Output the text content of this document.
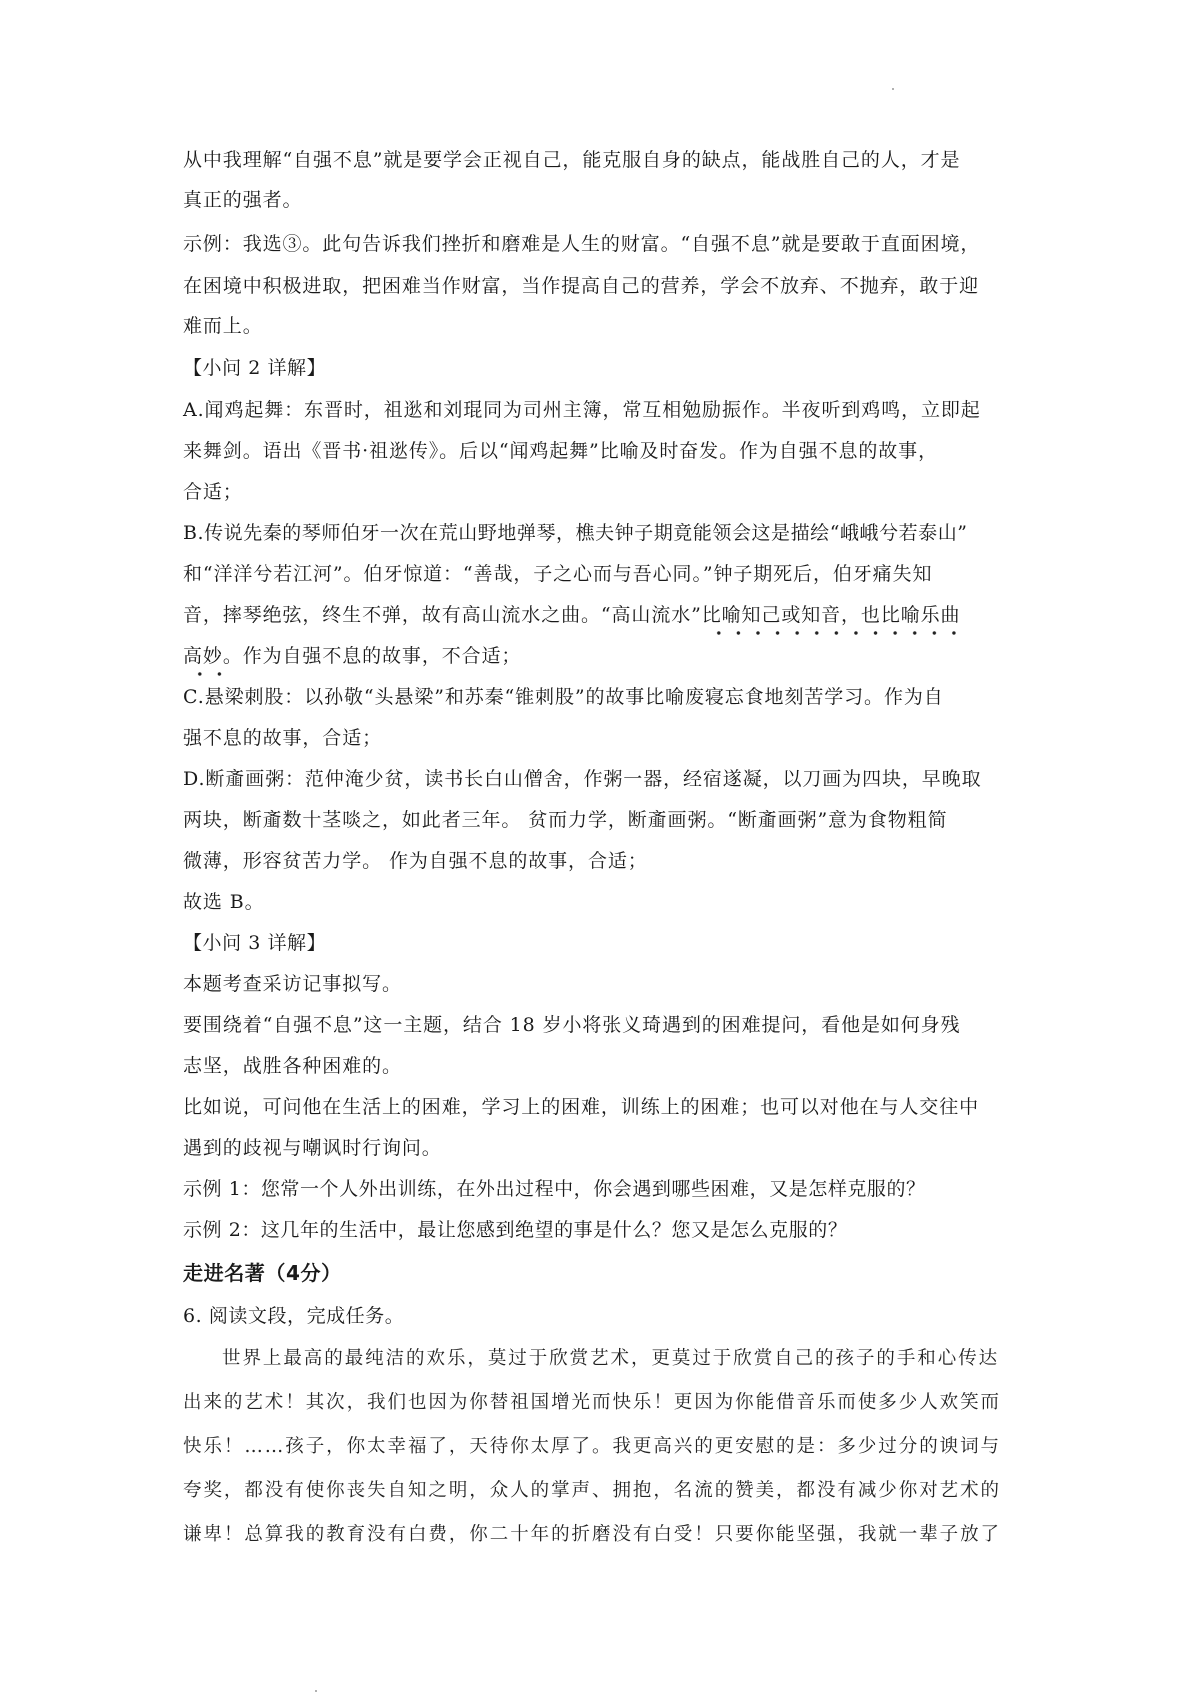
从中我理解“自强不息”就是要学会正视自己，能克服自身的缺点，能战胜自己的人，才是
真正的强者。
示例：我选③。此句告诉我们挫折和磨难是人生的财富。“自强不息”就是要敢于直面困境，
在困境中积极进取，把困难当作财富，当作提高自己的营养，学会不放弃、不抛弃，敢于迎
难而上。
【小问 2 详解】
A.闻鸡起舞：东晋时，祖逖和刘琨同为司州主簿，常互相勉励振作。半夜听到鸡鸣，立即起
来舞剑。语出《晋书·祖逖传》。后以“闻鸡起舞”比喻及时奋发。作为自强不息的故事，
合适；
B.传说先秦的琴师伯牙一次在荒山野地弹琴，樵夫钟子期竟能领会这是描绘“峨峨兮若泰山”
和“洋洋兮若江河”。伯牙惊道：“善哉，子之心而与吾心同。”钟子期死后，伯牙痛失知
音，摔琴绝弦，终生不弹，故有高山流水之曲。“高山流水”比喻知己或知音，也比喻乐曲
高妙。作为自强不息的故事，不合适；
C.悬梁刺股：以孙敬“头悬梁”和苏秦“锥刺股”的故事比喻废寝忘食地刻苦学习。作为自
强不息的故事，合适；
D.断齑画粥：范仲淹少贫，读书长白山僧舍，作粥一器，经宿遂凝，以刀画为四块，早晚取
两块，断齑数十茎啖之，如此者三年。 贫而力学，断齑画粥。“断齑画粥”意为食物粗简
微薄，形容贫苦力学。 作为自强不息的故事，合适；
故选 B。
【小问 3 详解】
本题考查采访记事拟写。
要围绕着“自强不息”这一主题，结合 18 岁小将张义琦遇到的困难提问，看他是如何身残
志坚，战胜各种困难的。
比如说，可问他在生活上的困难，学习上的困难，训练上的困难；也可以对他在与人交往中
遇到的歧视与嘲讽时行询问。
示例 1：您常一个人外出训练，在外出过程中，你会遇到哪些困难，又是怎样克服的？
示例 2：这几年的生活中，最让您感到绝望的事是什么？您又是怎么克服的？
走进名著（4分）
6. 阅读文段，完成任务。
世界上最高的最纯洁的欢乐，莫过于欣赏艺术，更莫过于欣赏自己的孩子的手和心传达
出来的艺术！其次，我们也因为你替祖国增光而快乐！更因为你能借音乐而使多少人欢笑而
快乐！……孩子，你太幸福了，天待你太厚了。我更高兴的更安慰的是：多少过分的谀词与
夸奖，都没有使你丧失自知之明，众人的掌声、拥抱，名流的赞美，都没有减少你对艺术的
谦卑！总算我的教育没有白费，你二十年的折磨没有白受！只要你能坚强，我就一辈子放了
